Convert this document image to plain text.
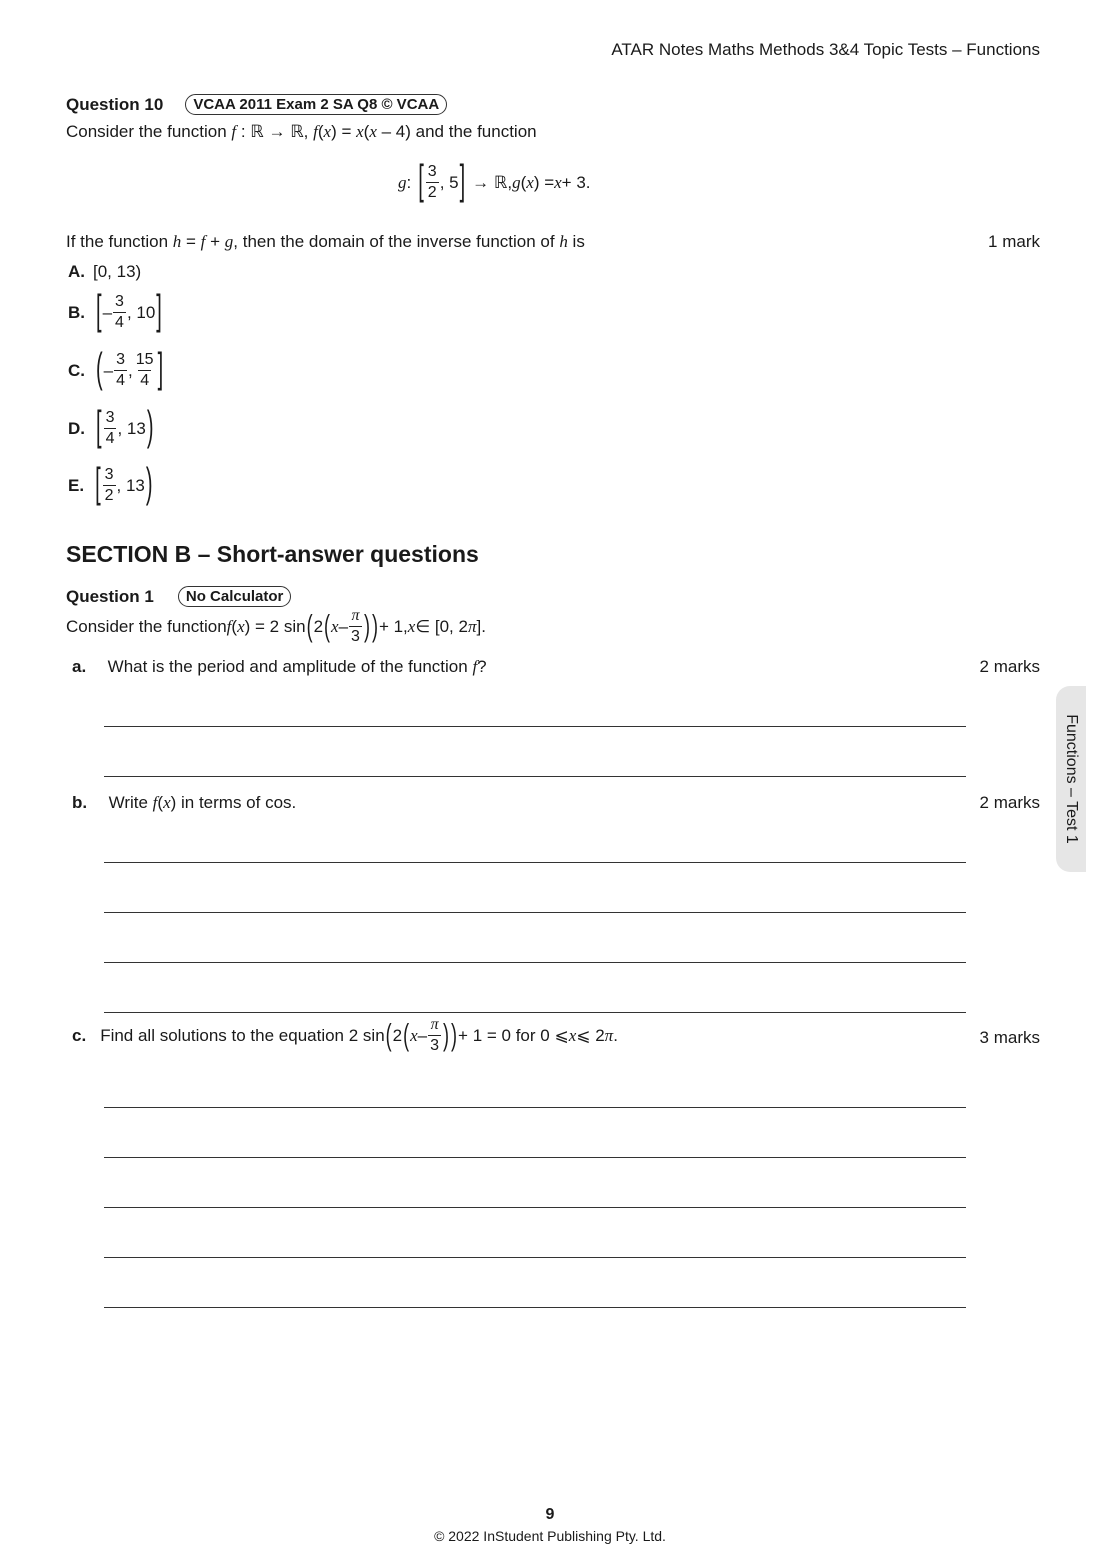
ATAR Notes Maths Methods 3&4 Topic Tests – Functions
Question 10	VCAA 2011 Exam 2 SA Q8 © VCAA
Consider the function f : ℝ → ℝ, f(x) = x(x – 4) and the function
g : [ $\frac{3}{2}$ , 5 ] → ℝ, g ( x ) = x + 3.
If the function h = f + g, then the domain of the inverse function of h is	1 mark
A. [0, 13)
B. [ – $\frac{3}{4}$ , 10 ]
C. ( – $\frac{3}{4}$ , $\frac{15}{4}$ ]
D. [ $\frac{3}{4}$ , 13 )
E. [ $\frac{3}{2}$ , 13 )
SECTION B – Short-answer questions
Question 1	No Calculator
Consider the function f ( x ) = 2 sin ( 2 ( x – $\frac{\pi}{3}$ ) ) + 1, x ∈ [0, 2 π ].
a. What is the period and amplitude of the function f?	2 marks
b. Write f(x) in terms of cos.	2 marks
c. Find all solutions to the equation 2 sin ( 2 ( x – $\frac{\pi}{3}$ ) ) + 1 = 0 for 0 ⩽ x ⩽ 2 π .	3 marks
Functions – Test 1
9
© 2022 InStudent Publishing Pty. Ltd.
